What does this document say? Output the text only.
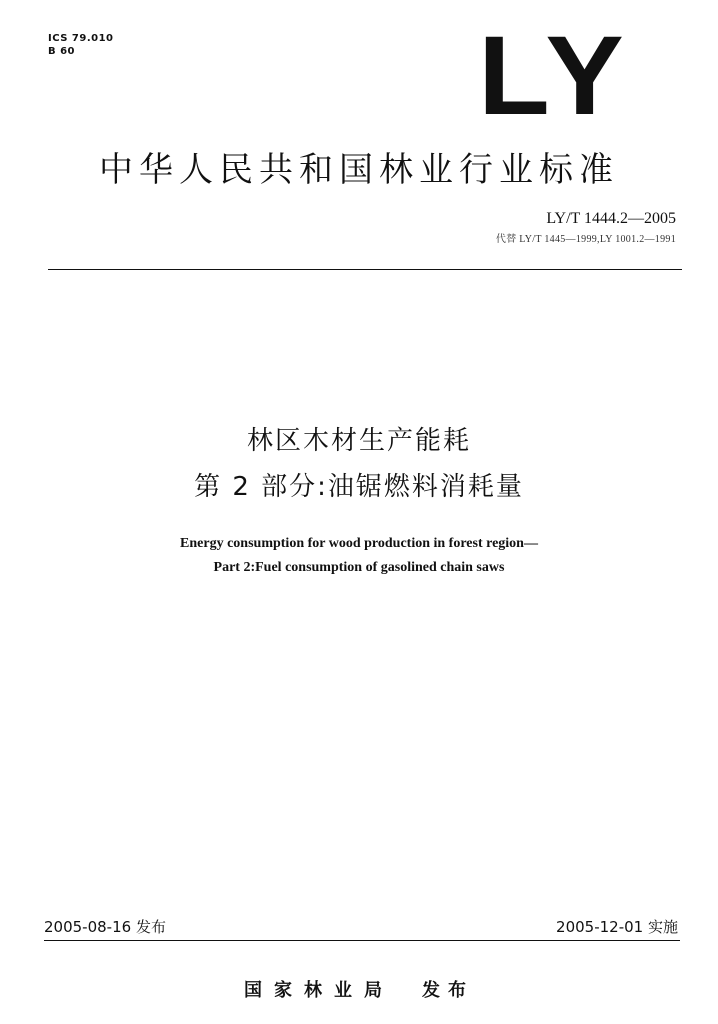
ICS 79.010
B 60	LY
中华人民共和国林业行业标准
LY/T 1444.2—2005
代替 LY/T 1445—1999,LY 1001.2—1991
林区木材生产能耗
第 2 部分:油锯燃料消耗量
Energy consumption for wood production in forest region—
Part 2:Fuel consumption of gasolined chain saws
2005-08-16 发布	2005-12-01 实施
国家林业局 发布
